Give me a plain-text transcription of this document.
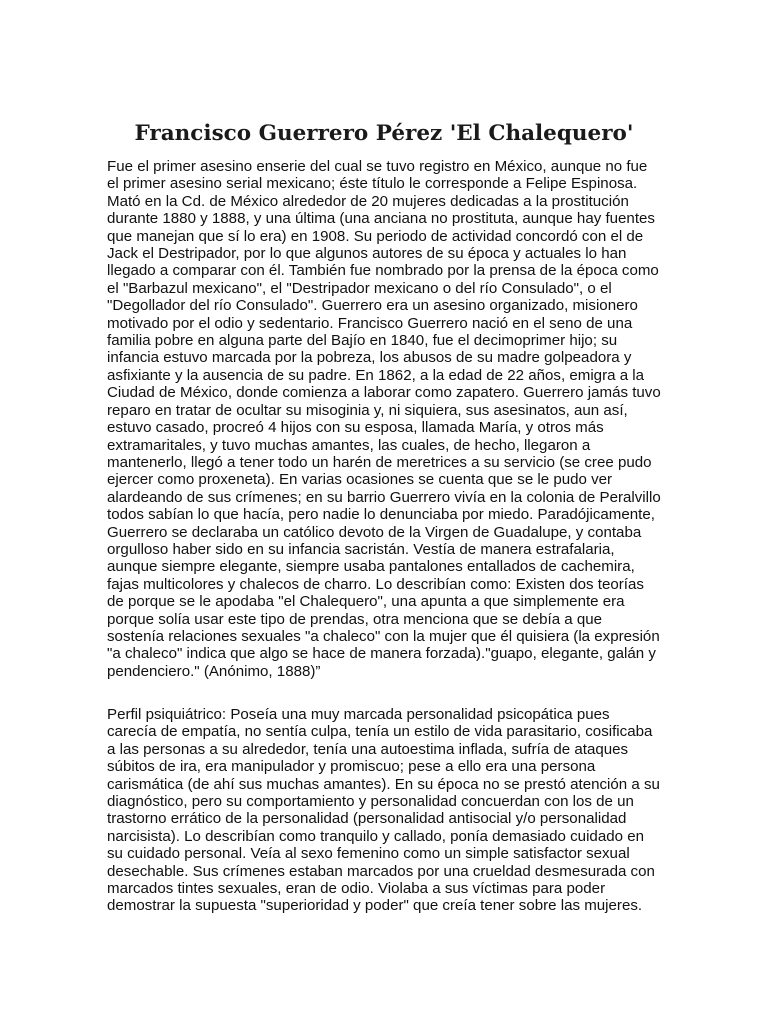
Francisco Guerrero Pérez 'El Chalequero'
Fue el primer asesino enserie del cual se tuvo registro en México, aunque no fue
el primer asesino serial mexicano; éste título le corresponde a Felipe Espinosa.
Mató en la Cd. de México alrededor de 20 mujeres dedicadas a la prostitución
durante 1880 y 1888, y una última (una anciana no prostituta, aunque hay fuentes
que manejan que sí lo era) en 1908. Su periodo de actividad concordó con el de
Jack el Destripador, por lo que algunos autores de su época y actuales lo han
llegado a comparar con él. También fue nombrado por la prensa de la época como
el "Barbazul mexicano", el "Destripador mexicano o del río Consulado", o el
"Degollador del río Consulado". Guerrero era un asesino organizado, misionero
motivado por el odio y sedentario. Francisco Guerrero nació en el seno de una
familia pobre en alguna parte del Bajío en 1840, fue el decimoprimer hijo; su
infancia estuvo marcada por la pobreza, los abusos de su madre golpeadora y
asfixiante y la ausencia de su padre. En 1862, a la edad de 22 años, emigra a la
Ciudad de México, donde comienza a laborar como zapatero. Guerrero jamás tuvo
reparo en tratar de ocultar su misoginia y, ni siquiera, sus asesinatos, aun así,
estuvo casado, procreó 4 hijos con su esposa, llamada María, y otros más
extramaritales, y tuvo muchas amantes, las cuales, de hecho, llegaron a
mantenerlo, llegó a tener todo un harén de meretrices a su servicio (se cree pudo
ejercer como proxeneta). En varias ocasiones se cuenta que se le pudo ver
alardeando de sus crímenes; en su barrio Guerrero vivía en la colonia de Peralvillo
todos sabían lo que hacía, pero nadie lo denunciaba por miedo. Paradójicamente,
Guerrero se declaraba un católico devoto de la Virgen de Guadalupe, y contaba
orgulloso haber sido en su infancia sacristán. Vestía de manera estrafalaria,
aunque siempre elegante, siempre usaba pantalones entallados de cachemira,
fajas multicolores y chalecos de charro. Lo describían como: Existen dos teorías
de porque se le apodaba "el Chalequero", una apunta a que simplemente era
porque solía usar este tipo de prendas, otra menciona que se debía a que
sostenía relaciones sexuales "a chaleco" con la mujer que él quisiera (la expresión
"a chaleco" indica que algo se hace de manera forzada)."guapo, elegante, galán y
pendenciero." (Anónimo, 1888)”
Perfil psiquiátrico: Poseía una muy marcada personalidad psicopática pues
carecía de empatía, no sentía culpa, tenía un estilo de vida parasitario, cosificaba
a las personas a su alrededor, tenía una autoestima inflada, sufría de ataques
súbitos de ira, era manipulador y promiscuo; pese a ello era una persona
carismática (de ahí sus muchas amantes). En su época no se prestó atención a su
diagnóstico, pero su comportamiento y personalidad concuerdan con los de un
trastorno errático de la personalidad (personalidad antisocial y/o personalidad
narcisista). Lo describían como tranquilo y callado, ponía demasiado cuidado en
su cuidado personal. Veía al sexo femenino como un simple satisfactor sexual
desechable. Sus crímenes estaban marcados por una crueldad desmesurada con
marcados tintes sexuales, eran de odio. Violaba a sus víctimas para poder
demostrar la supuesta "superioridad y poder" que creía tener sobre las mujeres.
